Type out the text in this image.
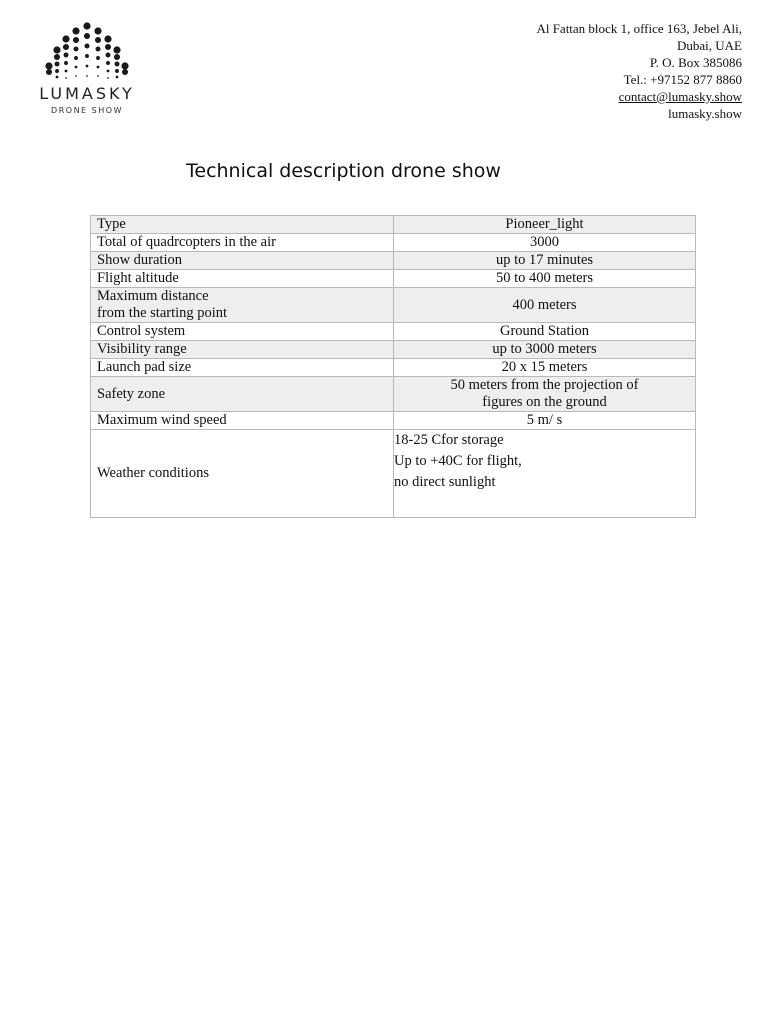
LUMASKY
DRONE SHOW
Al Fattan block 1, office 163, Jebel Ali,
Dubai, UAE
P. O. Box 385086
Tel.: +97152 877 8860
contact@lumasky.show
lumasky.show
Technical description drone show
Type	Pioneer_light

Total of quadrcopters in the air	3000

Show duration	up to 17 minutes

Flight altitude	50 to 400 meters

Maximum distance
from the starting point	400 meters

Control system	Ground Station

Visibility range	up to 3000 meters

Launch pad size	20 x 15 meters

Safety zone	50 meters from the projection of
figures on the ground

Maximum wind speed	5 m/ s

Weather conditions	18-25 Cfor storage
Up to +40C for flight,
no direct sunlight
